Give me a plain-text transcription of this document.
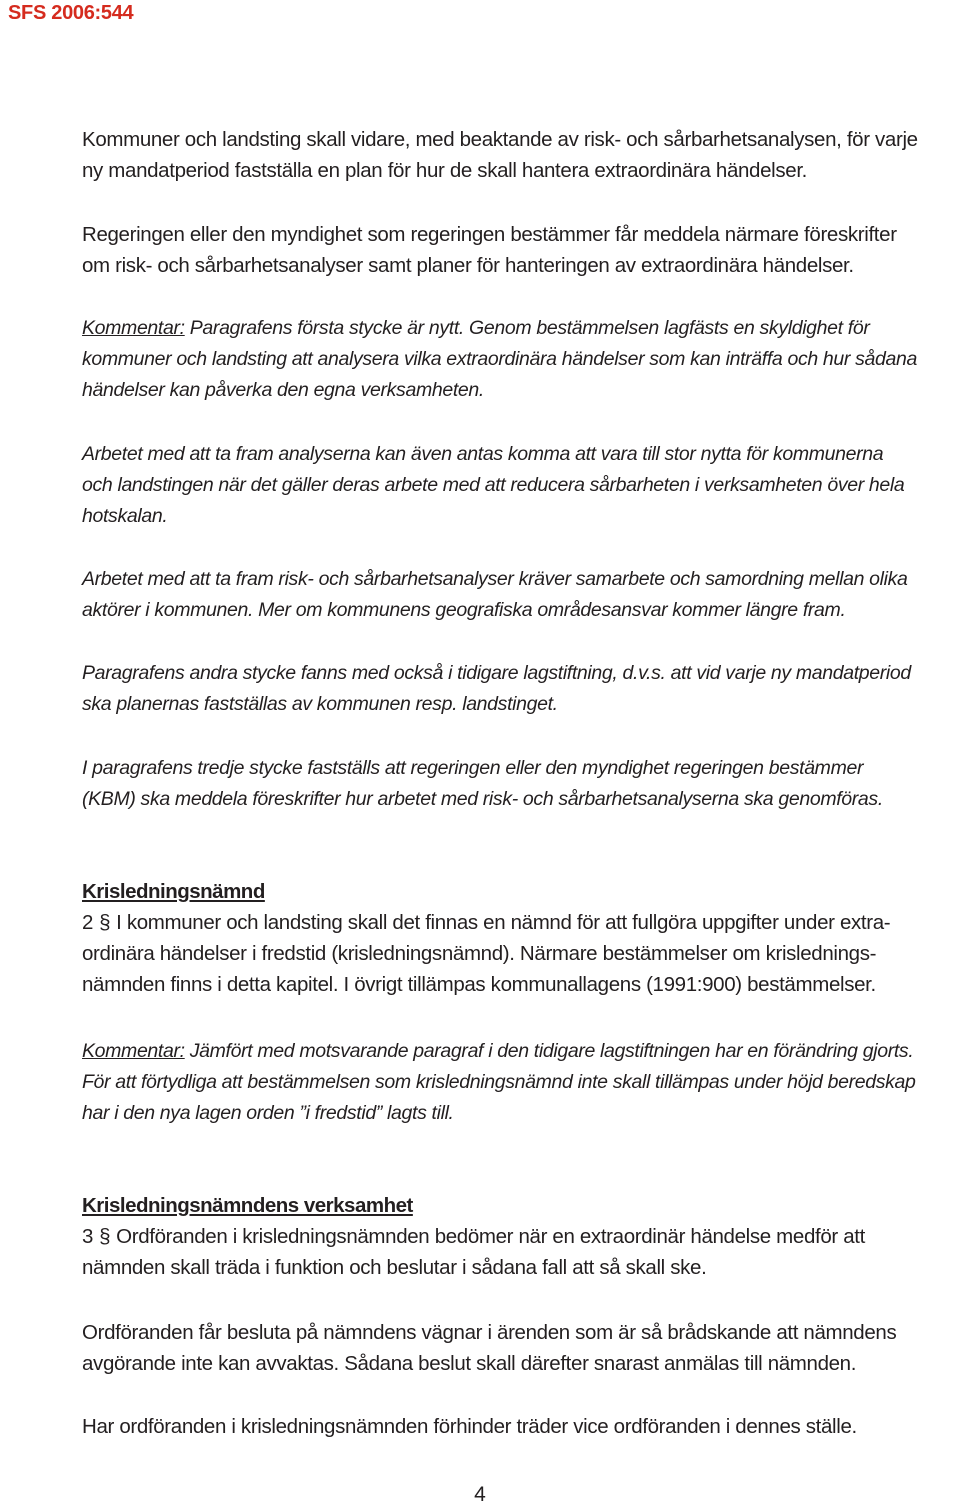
SFS 2006:544

Kommuner och landsting skall vidare, med beaktande av risk- och sårbarhetsanalysen, för varje

ny mandatperiod fastställa en plan för hur de skall hantera extraordinära händelser.

Regeringen eller den myndighet som regeringen bestämmer får meddela närmare föreskrifter

om risk- och sårbarhetsanalyser samt planer för hanteringen av extraordinära händelser.

Kommentar: Paragrafens första stycke är nytt. Genom bestämmelsen lagfästs en skyldighet för

kommuner och landsting att analysera vilka extraordinära händelser som kan inträffa och hur sådana

händelser kan påverka den egna verksamheten.

Arbetet med att ta fram analyserna kan även antas komma att vara till stor nytta för kommunerna

och landstingen när det gäller deras arbete med att reducera sårbarheten i verksamheten över hela

hotskalan.

Arbetet med att ta fram risk- och sårbarhetsanalyser kräver samarbete och samordning mellan olika

aktörer i kommunen. Mer om kommunens geografiska områdesansvar kommer längre fram.

Paragrafens andra stycke fanns med också i tidigare lagstiftning, d.v.s. att vid varje ny mandatperiod

ska planernas fastställas av kommunen resp. landstinget.

I paragrafens tredje stycke fastställs att regeringen eller den myndighet regeringen bestämmer

(KBM) ska meddela föreskrifter hur arbetet med risk- och sårbarhetsanalyserna ska genomföras.

Krisledningsnämnd

2 § I kommuner och landsting skall det finnas en nämnd för att fullgöra uppgifter under extra-

ordinära händelser i fredstid (krisledningsnämnd). Närmare bestämmelser om krislednings-

nämnden finns i detta kapitel. I övrigt tillämpas kommunallagens (1991:900) bestämmelser.

Kommentar: Jämfört med motsvarande paragraf i den tidigare lagstiftningen har en förändring gjorts.

För att förtydliga att bestämmelsen som krisledningsnämnd inte skall tillämpas under höjd beredskap

har i den nya lagen orden ”i fredstid” lagts till.

Krisledningsnämndens verksamhet

3 § Ordföranden i krisledningsnämnden bedömer när en extraordinär händelse medför att

nämnden skall träda i funktion och beslutar i sådana fall att så skall ske.

Ordföranden får besluta på nämndens vägnar i ärenden som är så brådskande att nämndens

avgörande inte kan avvaktas. Sådana beslut skall därefter snarast anmälas till nämnden.

Har ordföranden i krisledningsnämnden förhinder träder vice ordföranden i dennes ställe.

4
